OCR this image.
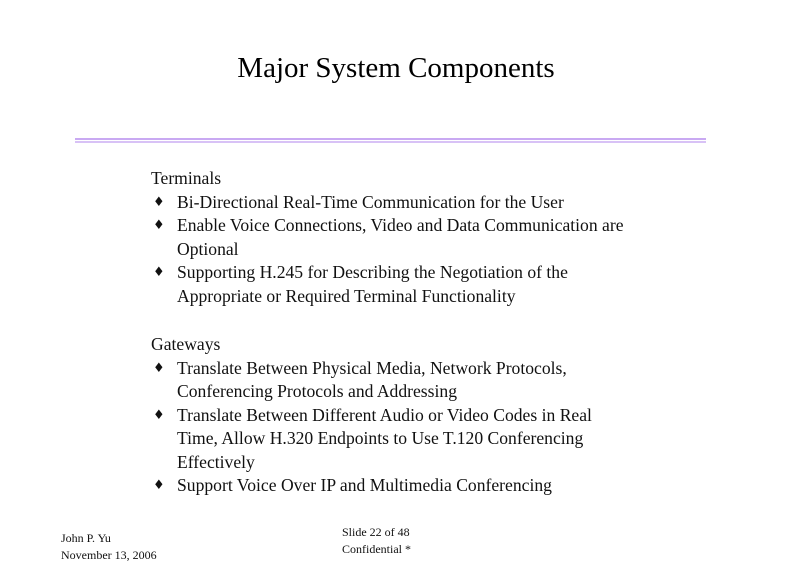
Major System Components

Terminals

♦ Bi-Directional Real-Time Communication for the User
♦ Enable Voice Connections, Video and Data Communication are Optional
♦ Supporting H.245 for Describing the Negotiation of the Appropriate or Required Terminal Functionality

Gateways

♦ Translate Between Physical Media, Network Protocols, Conferencing Protocols and Addressing
♦ Translate Between Different Audio or Video Codes in Real Time, Allow H.320 Endpoints to Use T.120 Conferencing Effectively
♦ Support Voice Over IP and Multimedia Conferencing
John P. Yu
November 13, 2006
Slide 22 of 48
Confidential *
